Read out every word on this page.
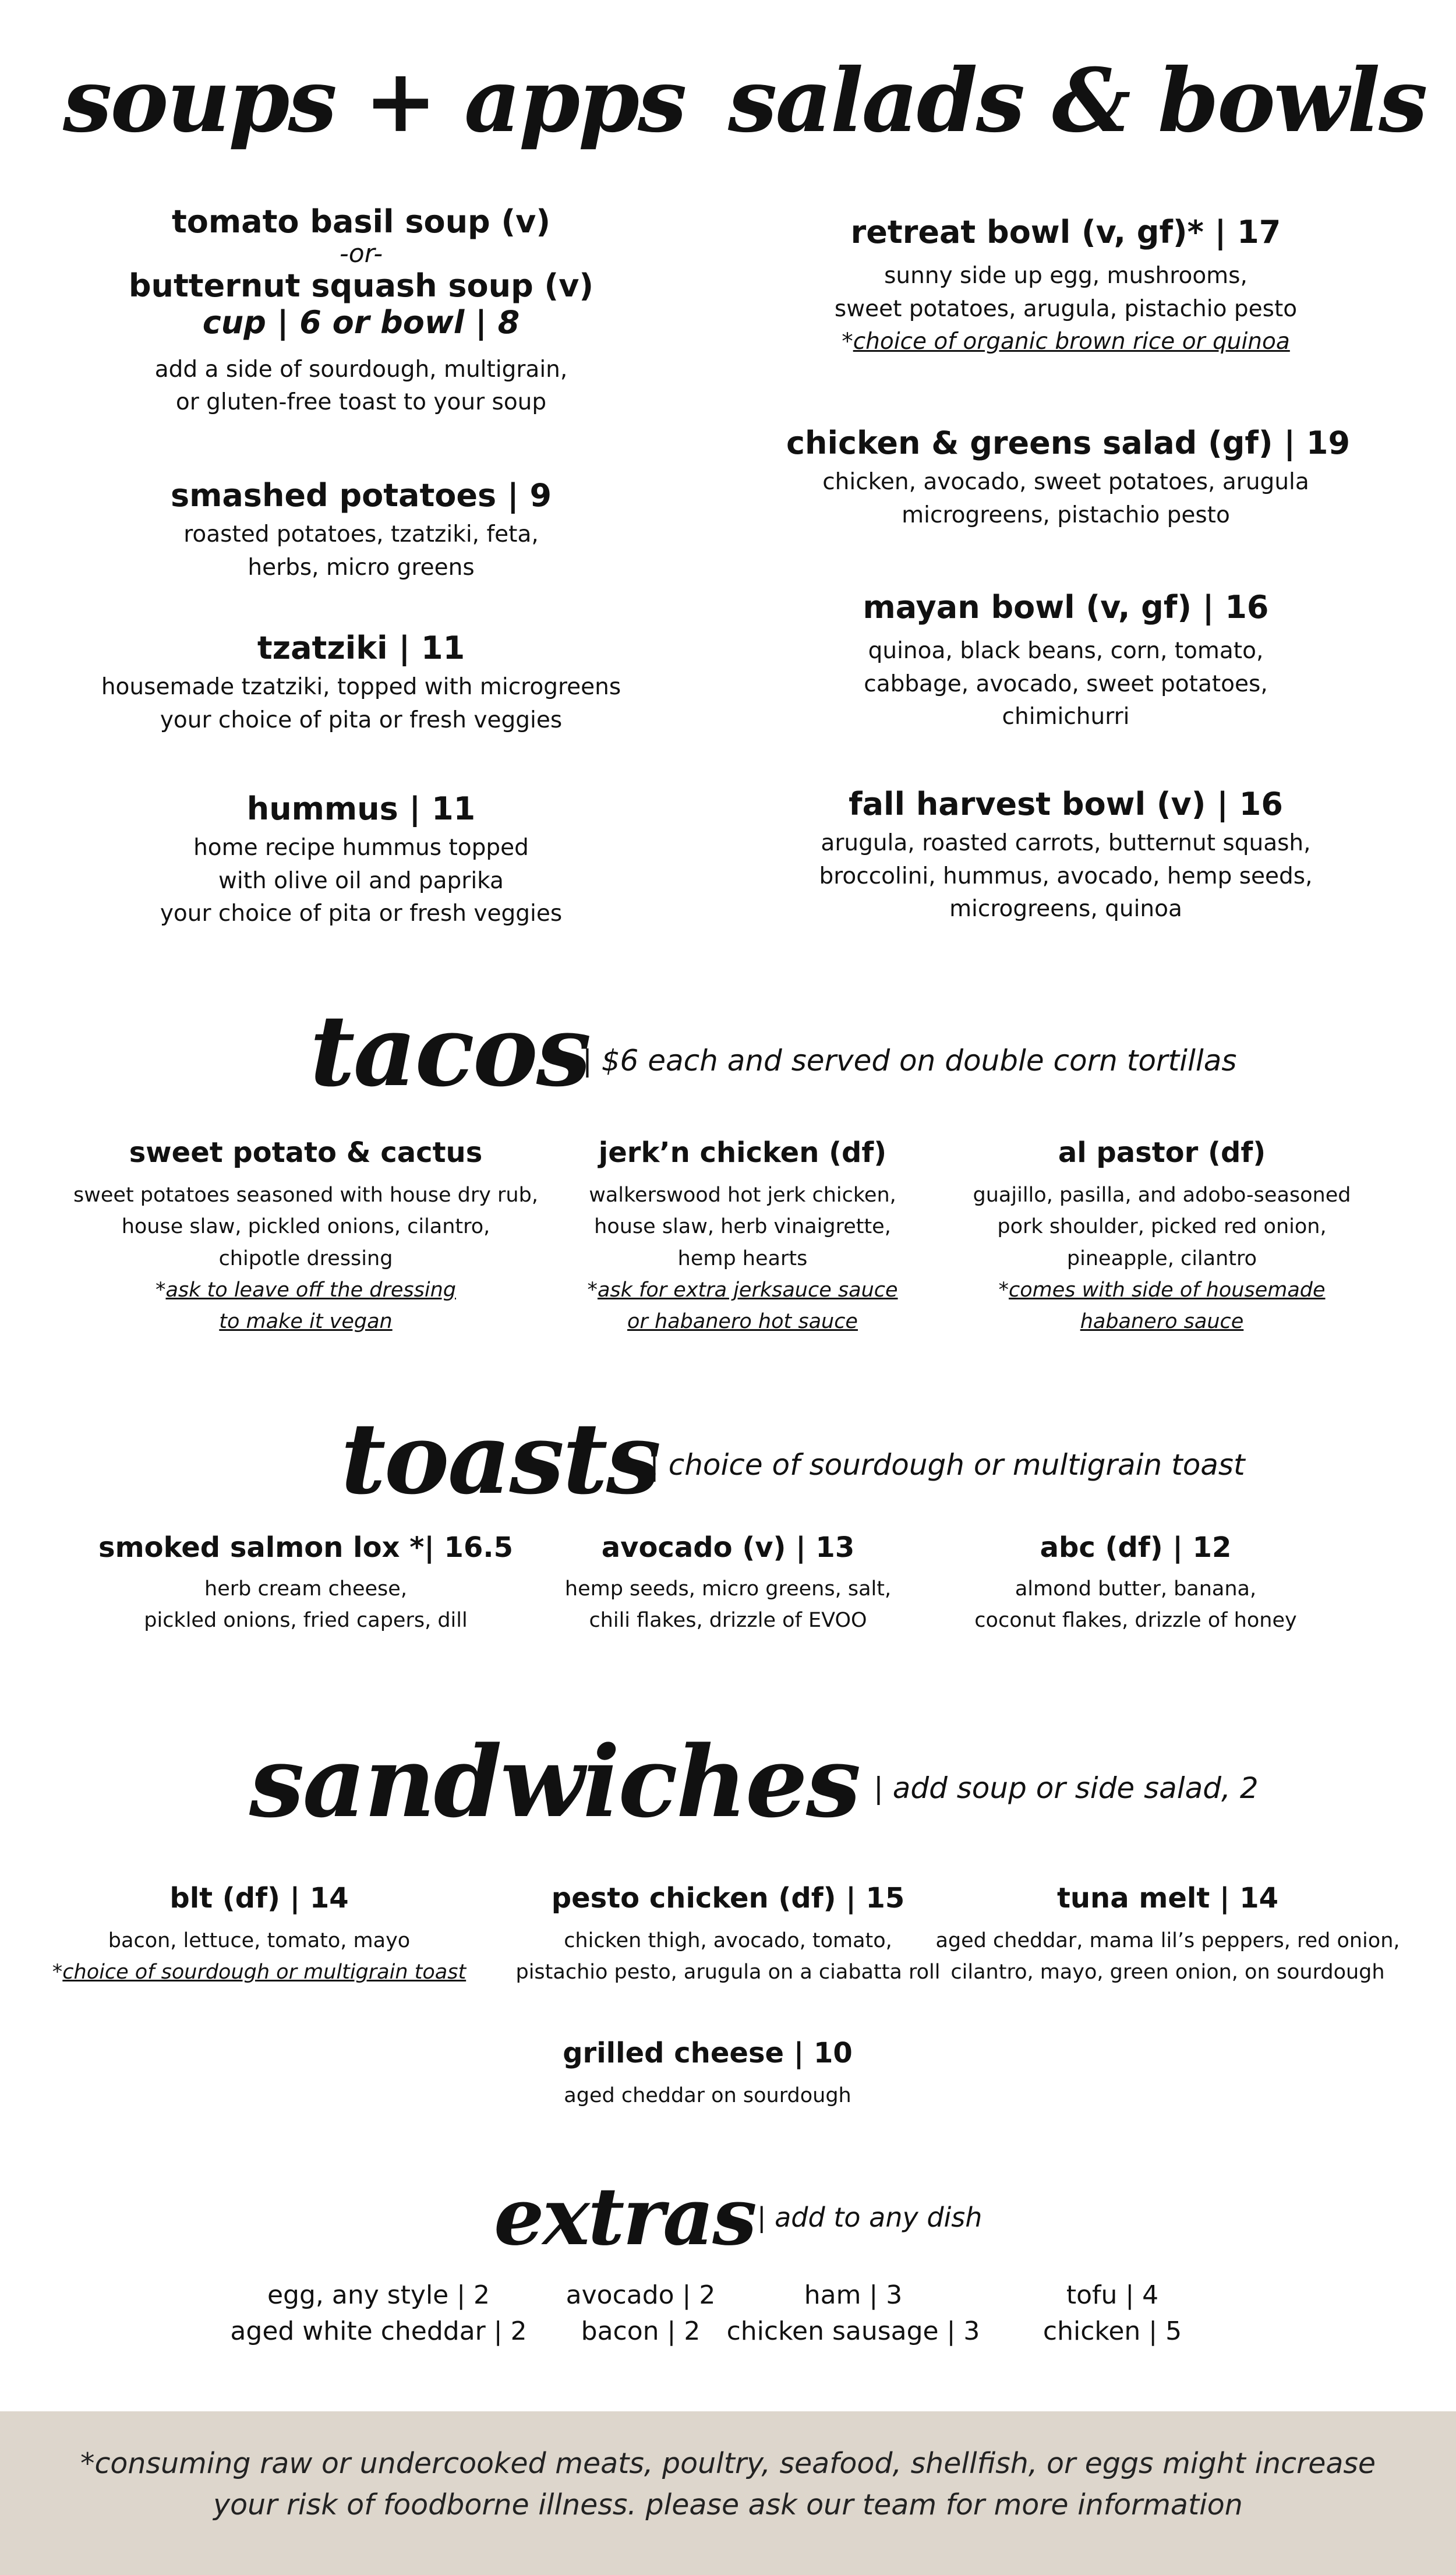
soups + apps salads & bowls
tomato basil soup (v)
-or-
butternut squash soup (v)
cup | 6 or bowl | 8
add a side of sourdough, multigrain,
or gluten-free toast to your soup
smashed potatoes | 9
roasted potatoes, tzatziki, feta,
herbs, micro greens
tzatziki | 11
housemade tzatziki, topped with microgreens
your choice of pita or fresh veggies
hummus | 11
home recipe hummus topped
with olive oil and paprika
your choice of pita or fresh veggies
retreat bowl (v, gf)* | 17
sunny side up egg, mushrooms,
sweet potatoes, arugula, pistachio pesto
*choice of organic brown rice or quinoa
chicken & greens salad (gf) | 19
chicken, avocado, sweet potatoes, arugula
microgreens, pistachio pesto
mayan bowl (v, gf) | 16
quinoa, black beans, corn, tomato,
cabbage, avocado, sweet potatoes,
chimichurri
fall harvest bowl (v) | 16
arugula, roasted carrots, butternut squash,
broccolini, hummus, avocado, hemp seeds,
microgreens, quinoa
tacos
| $6 each and served on double corn tortillas
sweet potato & cactus
sweet potatoes seasoned with house dry rub,
house slaw, pickled onions, cilantro,
chipotle dressing
*ask to leave off the dressing
to make it vegan
jerk’n chicken (df)
walkerswood hot jerk chicken,
house slaw, herb vinaigrette,
hemp hearts
*ask for extra jerksauce sauce
or habanero hot sauce
al pastor (df)
guajillo, pasilla, and adobo-seasoned
pork shoulder, picked red onion,
pineapple, cilantro
*comes with side of housemade
habanero sauce
toasts
| choice of sourdough or multigrain toast
smoked salmon lox *| 16.5
herb cream cheese,
pickled onions, fried capers, dill
avocado (v) | 13
hemp seeds, micro greens, salt,
chili flakes, drizzle of EVOO
abc (df) | 12
almond butter, banana,
coconut flakes, drizzle of honey
sandwiches | add soup or side salad, 2
blt (df) | 14
bacon, lettuce, tomato, mayo
*choice of sourdough or multigrain toast
pesto chicken (df) | 15
chicken thigh, avocado, tomato,
pistachio pesto, arugula on a ciabatta roll
tuna melt | 14
aged cheddar, mama lil’s peppers, red onion,
cilantro, mayo, green onion, on sourdough
grilled cheese | 10
aged cheddar on sourdough
extras | add to any dish
egg, any style | 2
aged white cheddar | 2
avocado | 2
bacon | 2
ham | 3
chicken sausage | 3
tofu | 4
chicken | 5
*consuming raw or undercooked meats, poultry, seafood, shellfish, or eggs might increase
your risk of foodborne illness. please ask our team for more information
